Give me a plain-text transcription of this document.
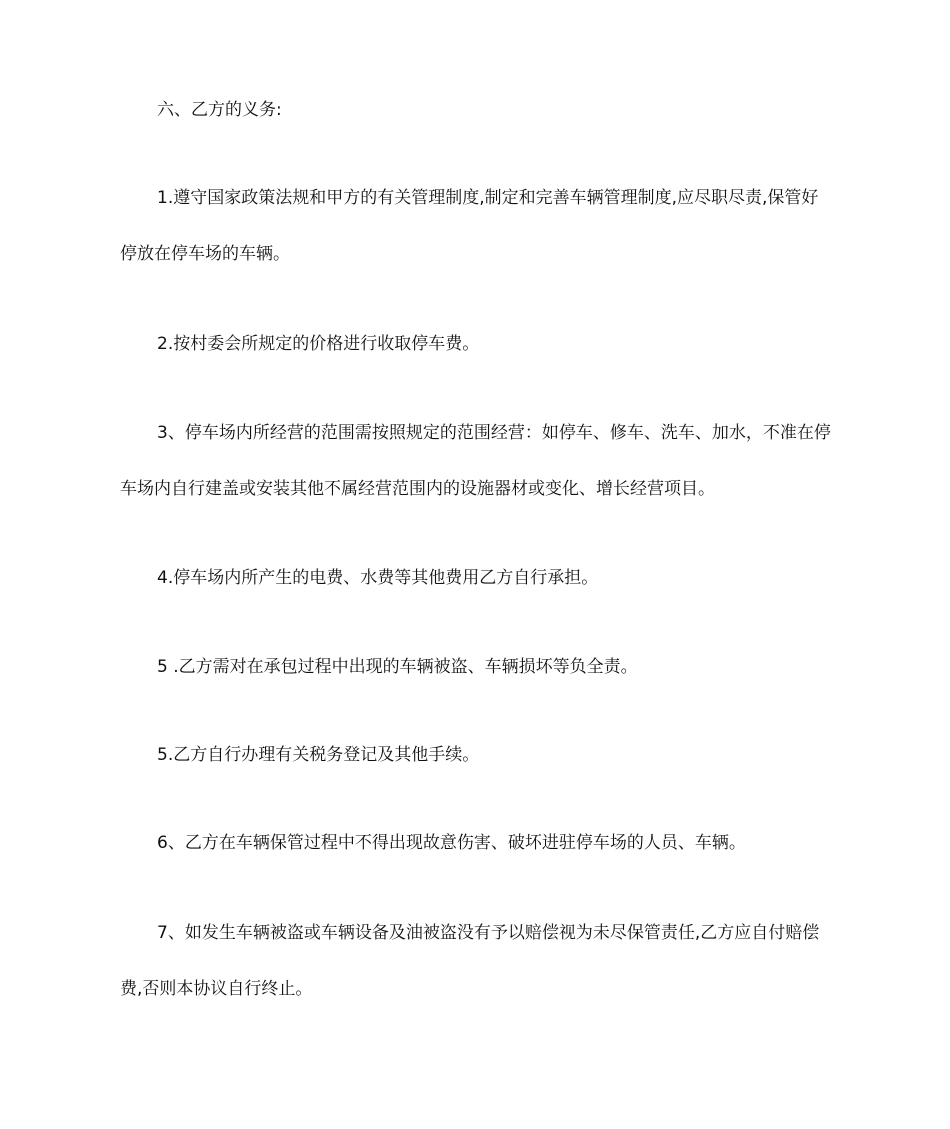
六、乙方的义务:

1.遵守国家政策法规和甲方的有关管理制度,制定和完善车辆管理制度,应尽职尽责,保管好停放在停车场的车辆。

2.按村委会所规定的价格进行收取停车费。

3、停车场内所经营的范围需按照规定的范围经营：如停车、修车、洗车、加水，不准在停车场内自行建盖或安装其他不属经营范围内的设施器材或变化、增长经营项目。

4.停车场内所产生的电费、水费等其他费用乙方自行承担。

5 .乙方需对在承包过程中出现的车辆被盗、车辆损坏等负全责。

5.乙方自行办理有关税务登记及其他手续。

6、乙方在车辆保管过程中不得出现故意伤害、破坏进驻停车场的人员、车辆。

7、如发生车辆被盗或车辆设备及油被盗没有予以赔偿视为未尽保管责任,乙方应自付赔偿费,否则本协议自行终止。
